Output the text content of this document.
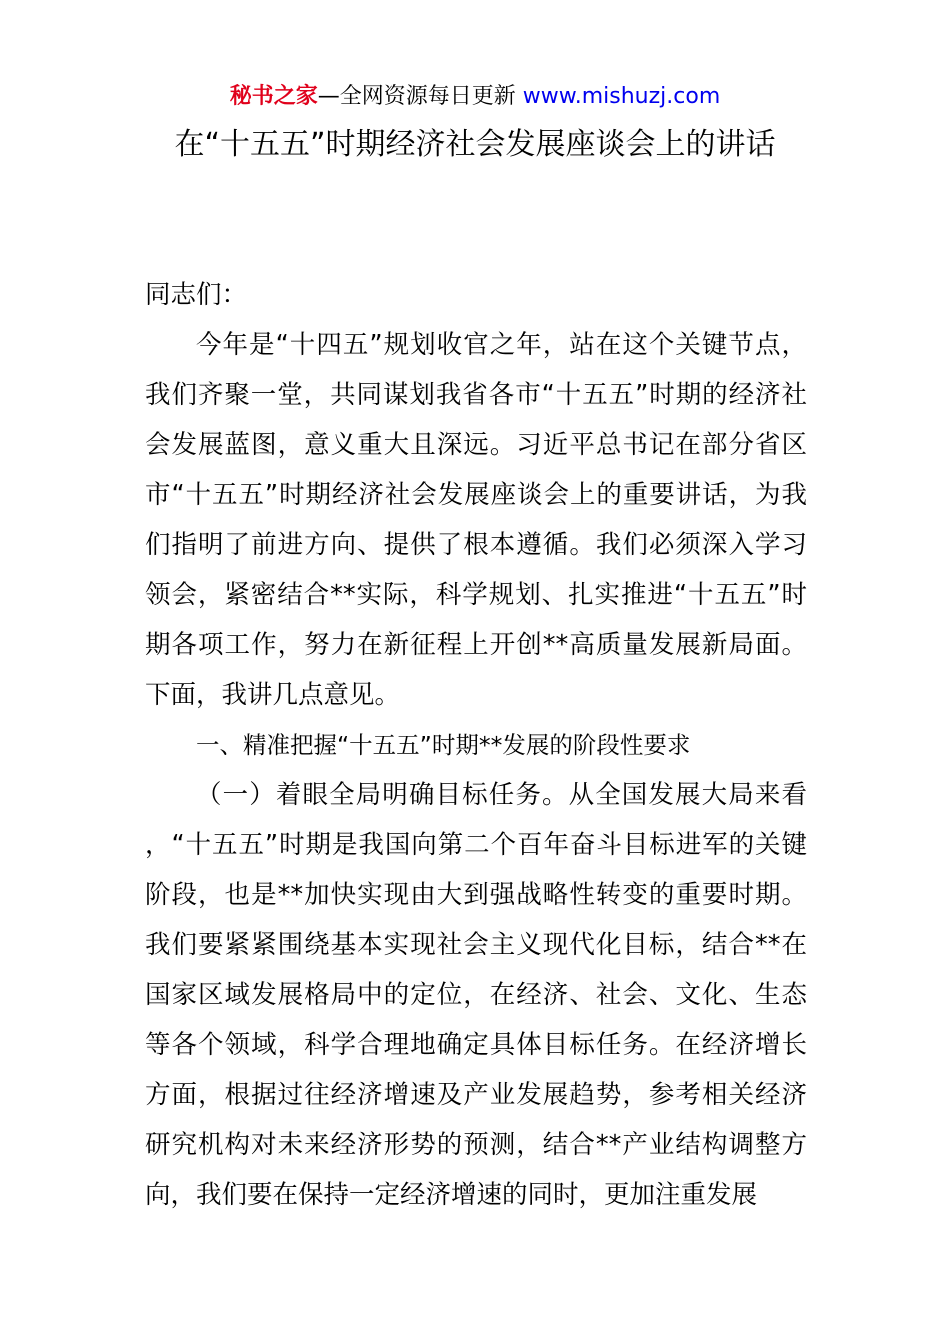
秘书之家—全网资源每日更新 www.mishuzj.com
在“十五五”时期经济社会发展座谈会上的讲话

同志们：

今年是“十四五”规划收官之年，站在这个关键节点，我们齐聚一堂，共同谋划我省各市“十五五”时期的经济社会发展蓝图，意义重大且深远。习近平总书记在部分省区市“十五五”时期经济社会发展座谈会上的重要讲话，为我们指明了前进方向、提供了根本遵循。我们必须深入学习领会，紧密结合**实际，科学规划、扎实推进“十五五”时期各项工作，努力在新征程上开创**高质量发展新局面。下面，我讲几点意见。

一、精准把握“十五五”时期**发展的阶段性要求

（一）着眼全局明确目标任务。从全国发展大局来看，“十五五”时期是我国向第二个百年奋斗目标进军的关键阶段，也是**加快实现由大到强战略性转变的重要时期。我们要紧紧围绕基本实现社会主义现代化目标，结合**在国家区域发展格局中的定位，在经济、社会、文化、生态等各个领域，科学合理地确定具体目标任务。在经济增长方面，根据过往经济增速及产业发展趋势，参考相关经济研究机构对未来经济形势的预测，结合**产业结构调整方向，我们要在保持一定经济增速的同时，更加注重发展
